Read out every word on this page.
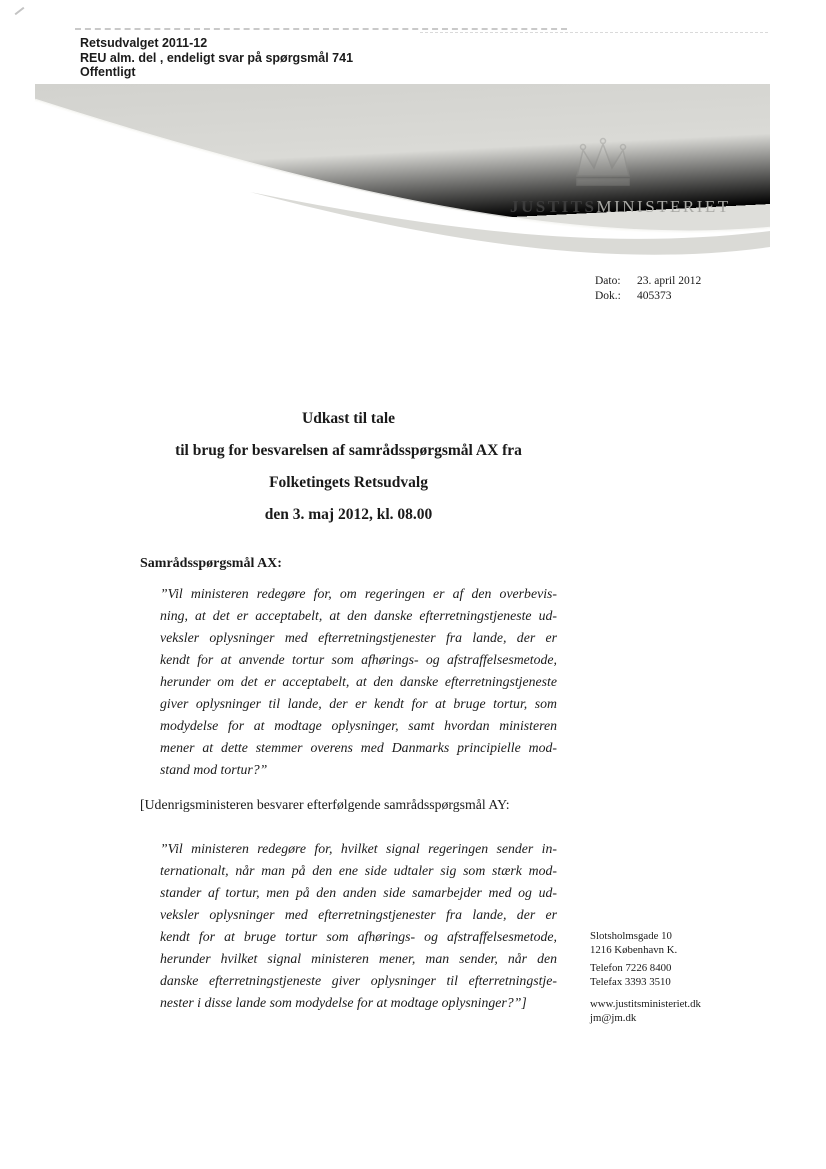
Retsudvalget 2011-12
REU alm. del , endeligt svar på spørgsmål 741
Offentligt
JUSTITSMINISTERIET
Dato: 23. april 2012
Dok.: 405373
Udkast til tale
til brug for besvarelsen af samrådsspørgsmål AX fra
Folketingets Retsudvalg
den 3. maj 2012, kl. 08.00
Samrådsspørgsmål AX:
”Vil ministeren redegøre for, om regeringen er af den overbevis-
ning, at det er acceptabelt, at den danske efterretningstjeneste ud-
veksler oplysninger med efterretningstjenester fra lande, der er
kendt for at anvende tortur som afhørings- og afstraffelsesmetode,
herunder om det er acceptabelt, at den danske efterretningstjeneste
giver oplysninger til lande, der er kendt for at bruge tortur, som
modydelse for at modtage oplysninger, samt hvordan ministeren
mener at dette stemmer overens med Danmarks principielle mod-
stand mod tortur?”
[Udenrigsministeren besvarer efterfølgende samrådsspørgsmål AY:
”Vil ministeren redegøre for, hvilket signal regeringen sender in-
ternationalt, når man på den ene side udtaler sig som stærk mod-
stander af tortur, men på den anden side samarbejder med og ud-
veksler oplysninger med efterretningstjenester fra lande, der er
kendt for at bruge tortur som afhørings- og afstraffelsesmetode,
herunder hvilket signal ministeren mener, man sender, når den
danske efterretningstjeneste giver oplysninger til efterretningstje-
nester i disse lande som modydelse for at modtage oplysninger?”]
Slotsholmsgade 10
1216 København K.
Telefon 7226 8400
Telefax 3393 3510
www.justitsministeriet.dk
jm@jm.dk
